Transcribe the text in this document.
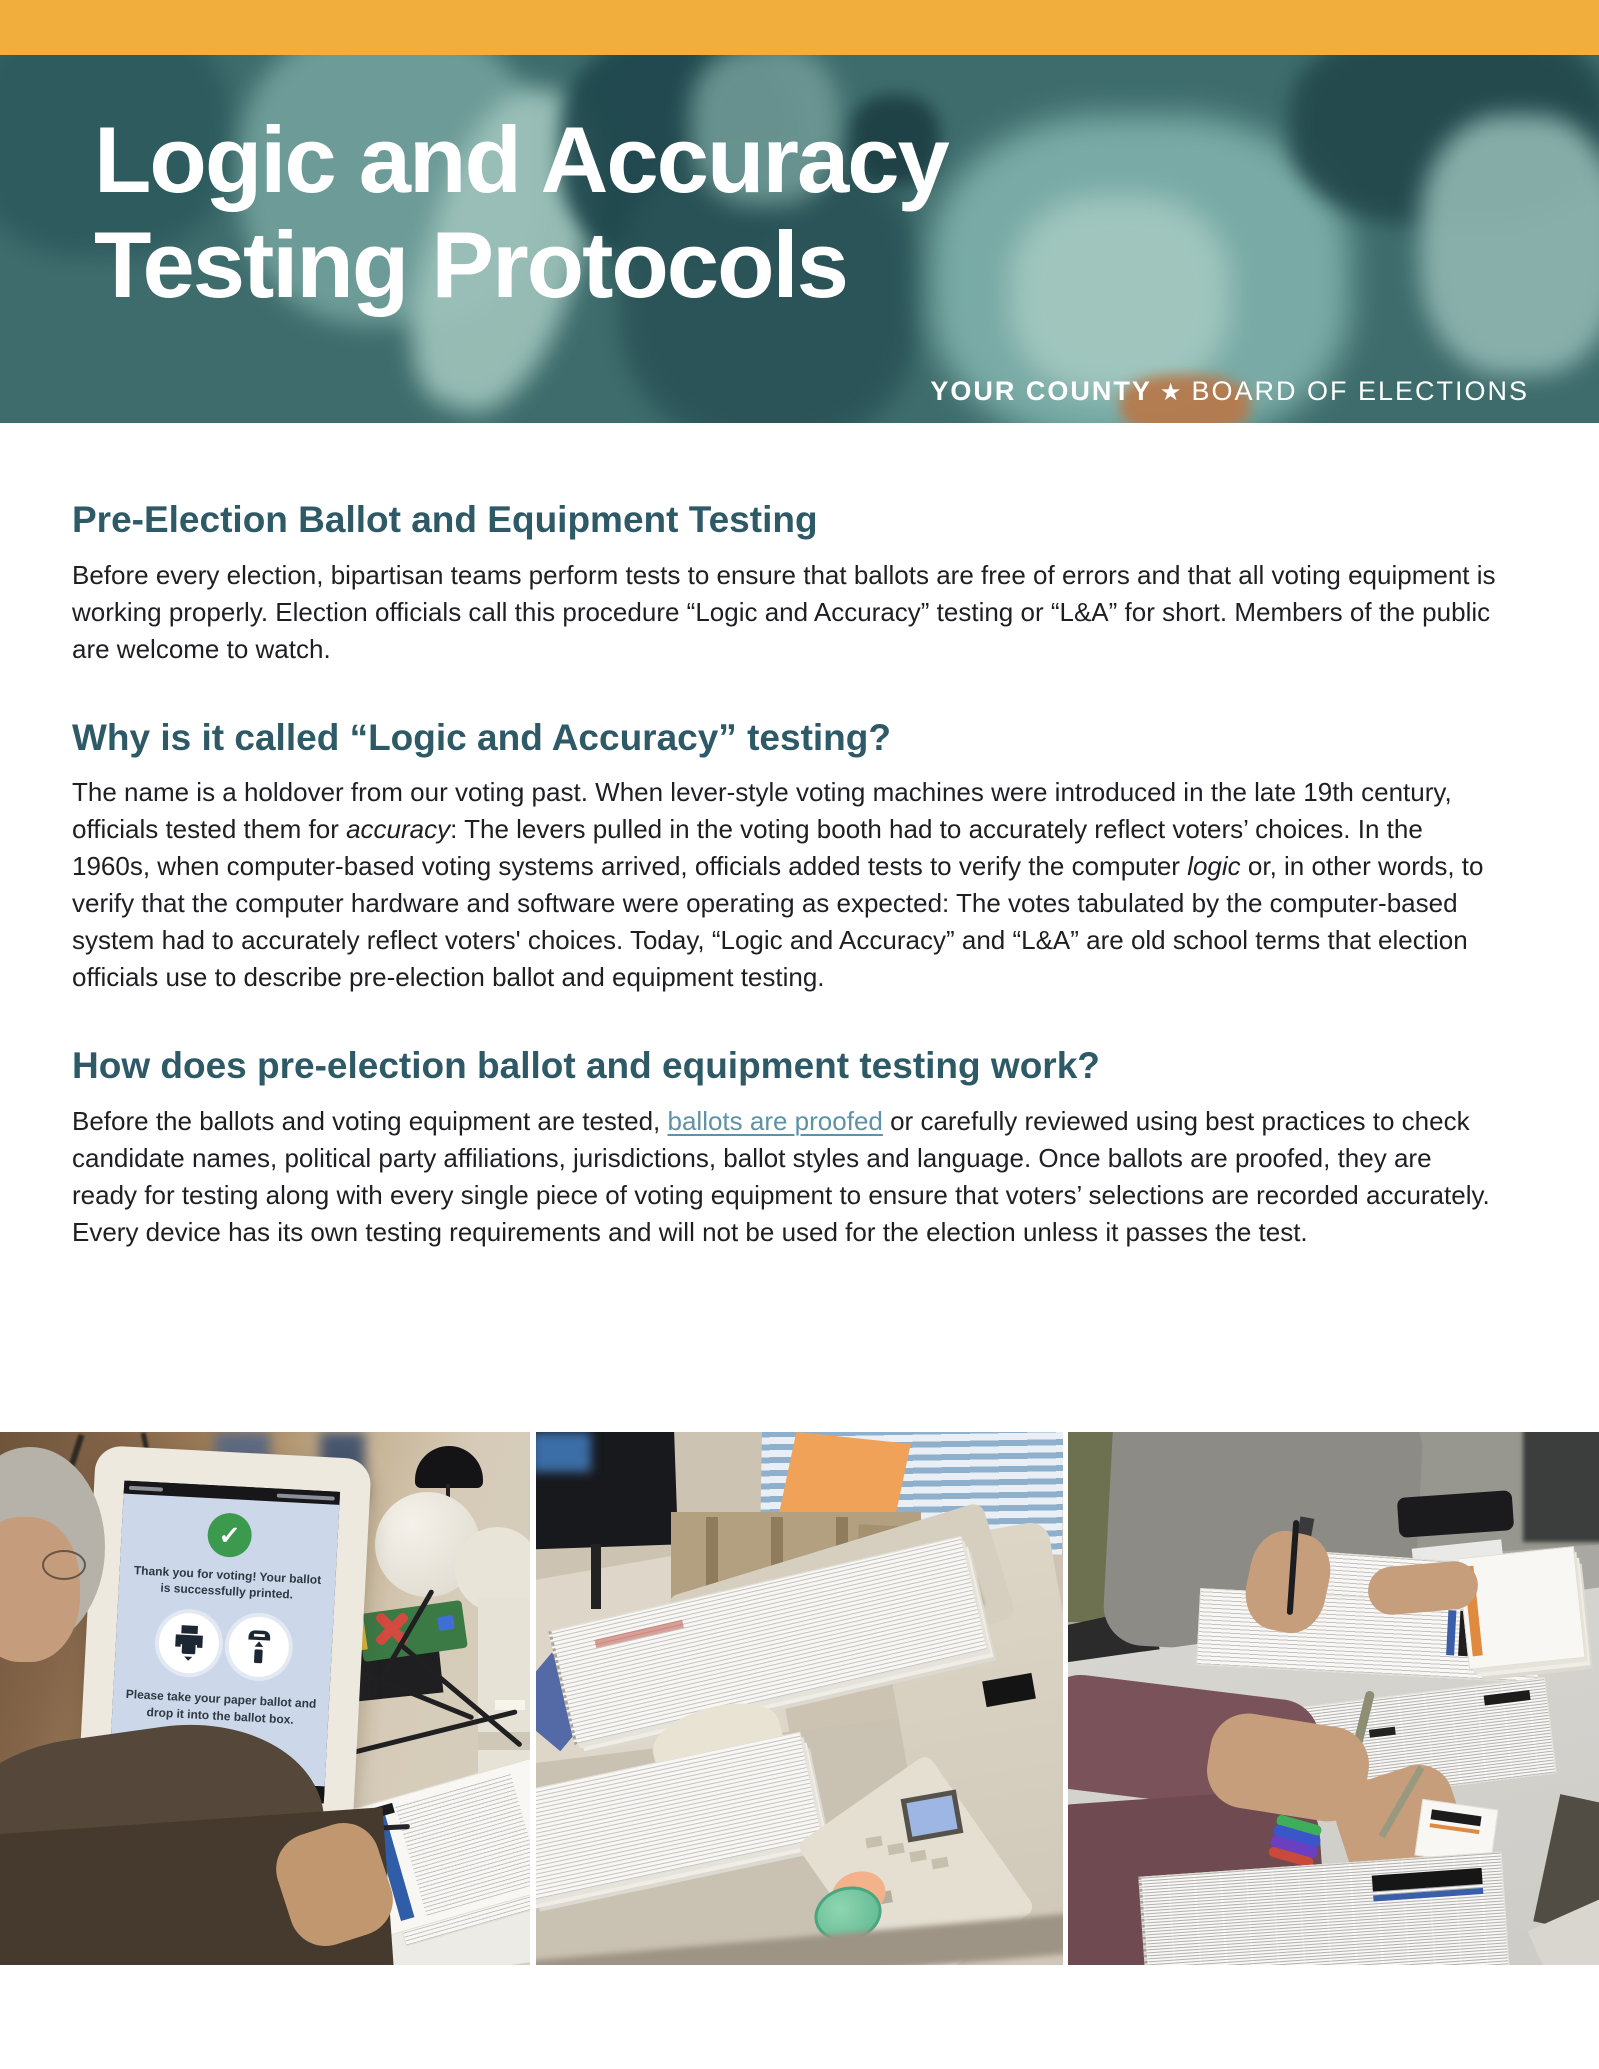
Logic and Accuracy
Testing Protocols
YOUR COUNTY ★ BOARD OF ELECTIONS
Pre-Election Ballot and Equipment Testing

Before every election, bipartisan teams perform tests to ensure that ballots are free of errors and that all voting equipment is working properly. Election officials call this procedure “Logic and Accuracy” testing or “L&A” for short. Members of the public are welcome to watch.

Why is it called “Logic and Accuracy” testing?

The name is a holdover from our voting past. When lever-style voting machines were introduced in the late 19th century, officials tested them for accuracy: The levers pulled in the voting booth had to accurately reflect voters’ choices. In the 1960s, when computer-based voting systems arrived, officials added tests to verify the computer logic or, in other words, to verify that the computer hardware and software were operating as expected: The votes tabulated by the computer-based system had to accurately reflect voters' choices. Today, “Logic and Accuracy” and “L&A” are old school terms that election officials use to describe pre-election ballot and equipment testing.

How does pre-election ballot and equipment testing work?

Before the ballots and voting equipment are tested, ballots are proofed or carefully reviewed using best practices to check candidate names, political party affiliations, jurisdictions, ballot styles and language. Once ballots are proofed, they are ready for testing along with every single piece of voting equipment to ensure that voters’ selections are recorded accurately. Every device has its own testing requirements and will not be used for the election unless it passes the test.

✓
Thank you for voting! Your ballot is successfully printed.
Please take your paper ballot and drop it into the ballot box.
